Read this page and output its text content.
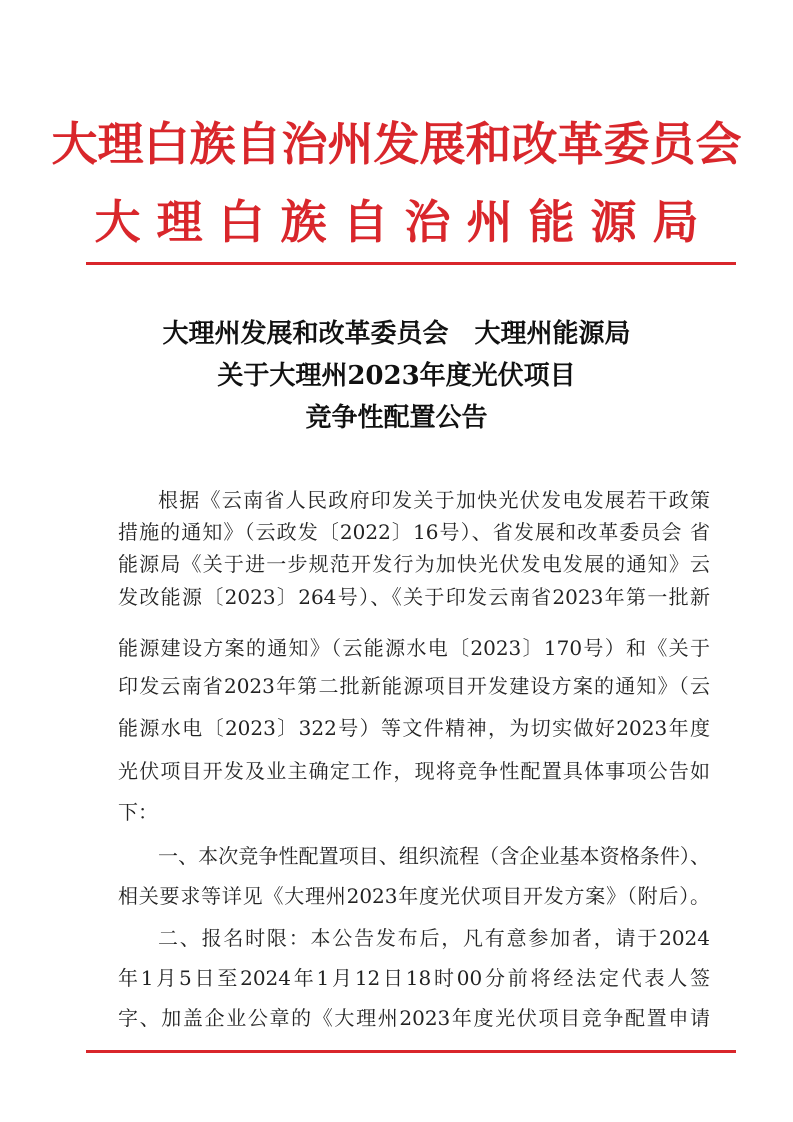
大理白族自治州发展和改革委员会
大理白族自治州能源局
大理州发展和改革委员会　大理州能源局
关于大理州2023年度光伏项目
竞争性配置公告
根据《云南省人民政府印发关于加快光伏发电发展若干政策
措施的通知》（云政发〔2022〕16号）、省发展和改革委员会 省
能源局《关于进一步规范开发行为加快光伏发电发展的通知》云
发改能源〔2023〕264号）、《关于印发云南省2023年第一批新
能源建设方案的通知》（云能源水电〔2023〕170号）和《关于
印发云南省2023年第二批新能源项目开发建设方案的通知》（云
能源水电〔2023〕322号）等文件精神，为切实做好2023年度
光伏项目开发及业主确定工作，现将竞争性配置具体事项公告如
下：
一、本次竞争性配置项目、组织流程（含企业基本资格条件）、
相关要求等详见《大理州2023年度光伏项目开发方案》（附后）。
二、报名时限：本公告发布后，凡有意参加者，请于2024
年1月5日至2024年1月12日18时00分前将经法定代表人签
字、加盖企业公章的《大理州2023年度光伏项目竞争配置申请
